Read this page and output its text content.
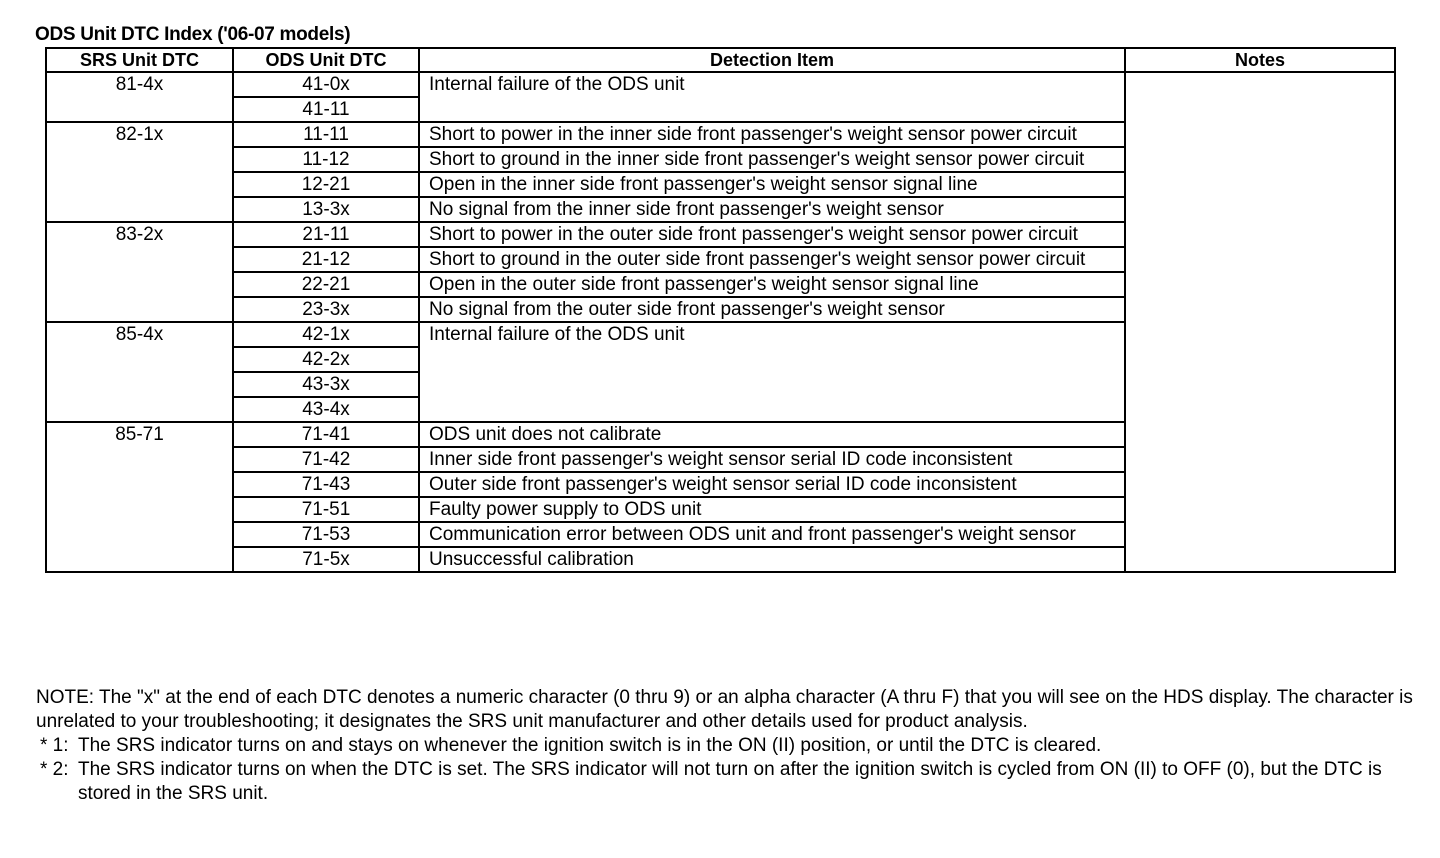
ODS Unit DTC Index ('06-07 models)
SRS Unit DTC	ODS Unit DTC	Detection Item	Notes
81-4x	41-0x	Internal failure of the ODS unit	
	41-11		
82-1x	11-11	Short to power in the inner side front passenger's weight sensor power circuit	
	11-12	Short to ground in the inner side front passenger's weight sensor power circuit	
	12-21	Open in the inner side front passenger's weight sensor signal line	
	13-3x	No signal from the inner side front passenger's weight sensor	
83-2x	21-11	Short to power in the outer side front passenger's weight sensor power circuit	
	21-12	Short to ground in the outer side front passenger's weight sensor power circuit	
	22-21	Open in the outer side front passenger's weight sensor signal line	
	23-3x	No signal from the outer side front passenger's weight sensor	
85-4x	42-1x	Internal failure of the ODS unit	
	42-2x		
	43-3x		
	43-4x		
85-71	71-41	ODS unit does not calibrate	
	71-42	Inner side front passenger's weight sensor serial ID code inconsistent	
	71-43	Outer side front passenger's weight sensor serial ID code inconsistent	
	71-51	Faulty power supply to ODS unit	
	71-53	Communication error between ODS unit and front passenger's weight sensor	
	71-5x	Unsuccessful calibration	
NOTE: The "x" at the end of each DTC denotes a numeric character (0 thru 9) or an alpha character (A thru F) that you will see on the HDS display. The character is unrelated to your troubleshooting; it designates the SRS unit manufacturer and other details used for product analysis.
* 1: The SRS indicator turns on and stays on whenever the ignition switch is in the ON (II) position, or until the DTC is cleared.
* 2: The SRS indicator turns on when the DTC is set. The SRS indicator will not turn on after the ignition switch is cycled from ON (II) to OFF (0), but the DTC is stored in the SRS unit.
